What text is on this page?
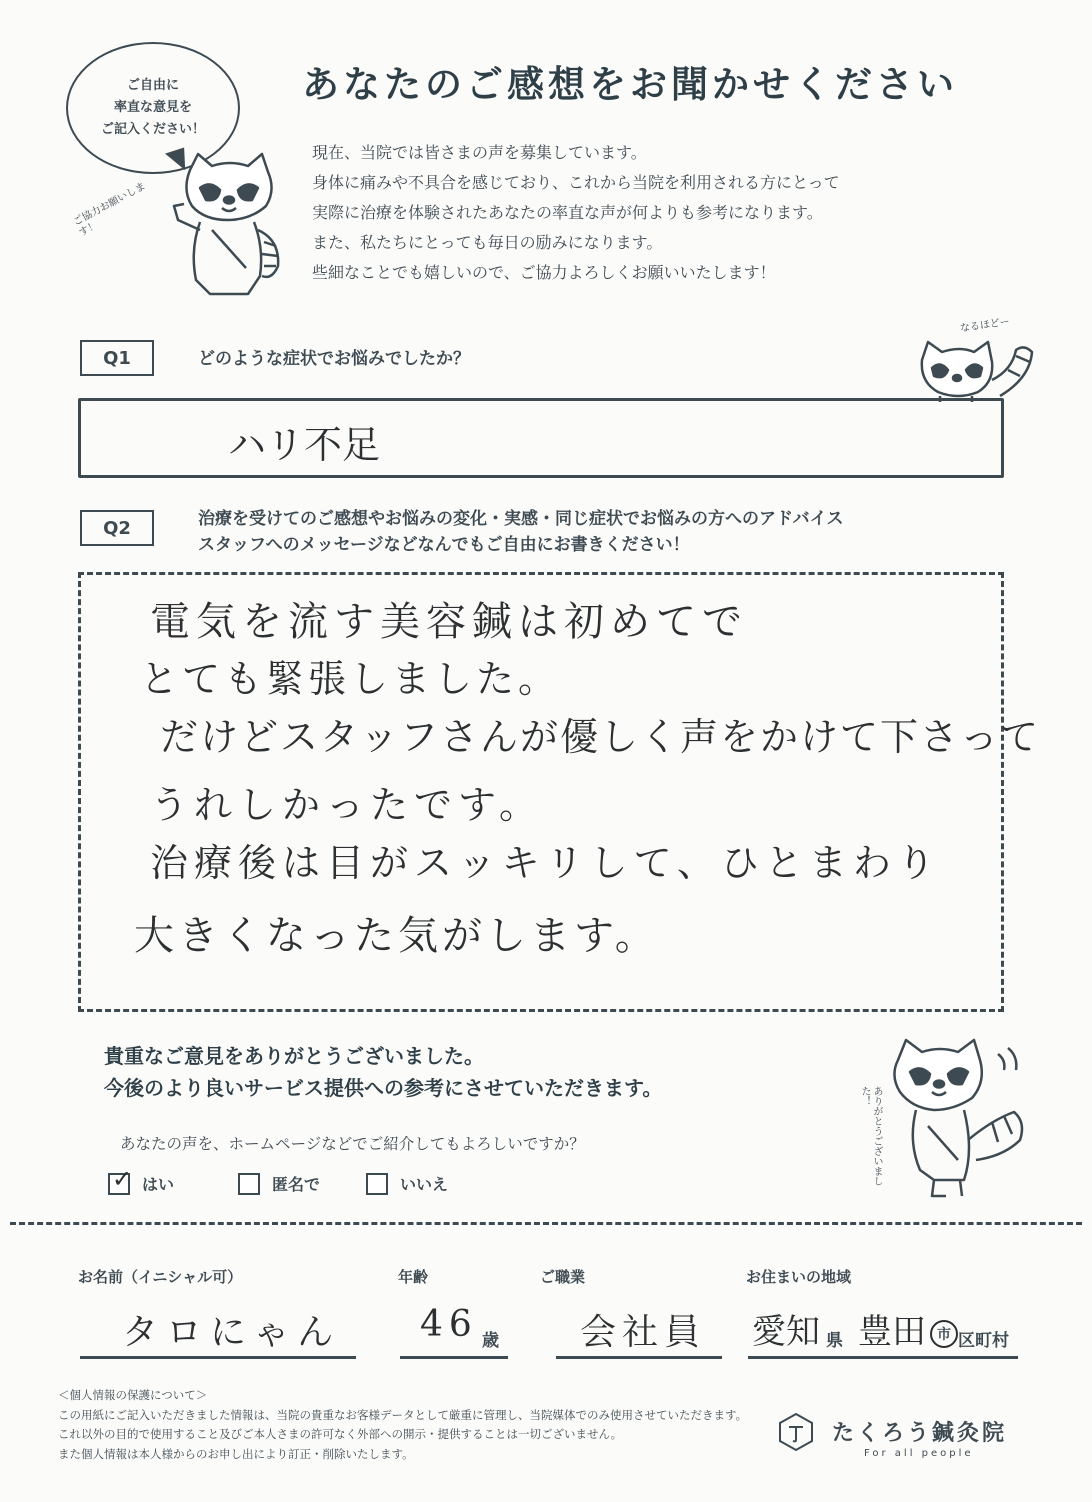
ご自由に
率直な意見を
ご記入ください！
ご協力お願いします！
あなたのご感想をお聞かせください
現在、当院では皆さまの声を募集しています。
身体に痛みや不具合を感じており、これから当院を利用される方にとって
実際に治療を体験されたあなたの率直な声が何よりも参考になります。
また、私たちにとっても毎日の励みになります。
些細なことでも嬉しいので、ご協力よろしくお願いいたします！
Q1	どのような症状でお悩みでしたか？
なるほどー
ハリ不足
Q2	治療を受けてのご感想やお悩みの変化・実感・同じ症状でお悩みの方へのアドバイス
スタッフへのメッセージなどなんでもご自由にお書きください！
電気を流す美容鍼は初めてで
とても緊張しました。
だけどスタッフさんが優しく声をかけて下さって
うれしかったです。
治療後は目がスッキリして、ひとまわり
大きくなった気がします。
貴重なご意見をありがとうございました。
今後のより良いサービス提供への参考にさせていただきます。	ありがとうございました！
あなたの声を、ホームページなどでご紹介してもよろしいですか？
✓ はい	匿名で	いいえ
お名前（イニシャル可）
タロにゃん
年齢
46 歳
ご職業
会社員
お住まいの地域
愛知 県 豊田 市 区町村
＜個人情報の保護について＞
この用紙にご記入いただきました情報は、当院の貴重なお客様データとして厳重に管理し、当院媒体でのみ使用させていただきます。
これ以外の目的で使用すること及びご本人さまの許可なく外部への開示・提供することは一切ございません。
また個人情報は本人様からのお申し出により訂正・削除いたします。
たくろう鍼灸院
For all people
